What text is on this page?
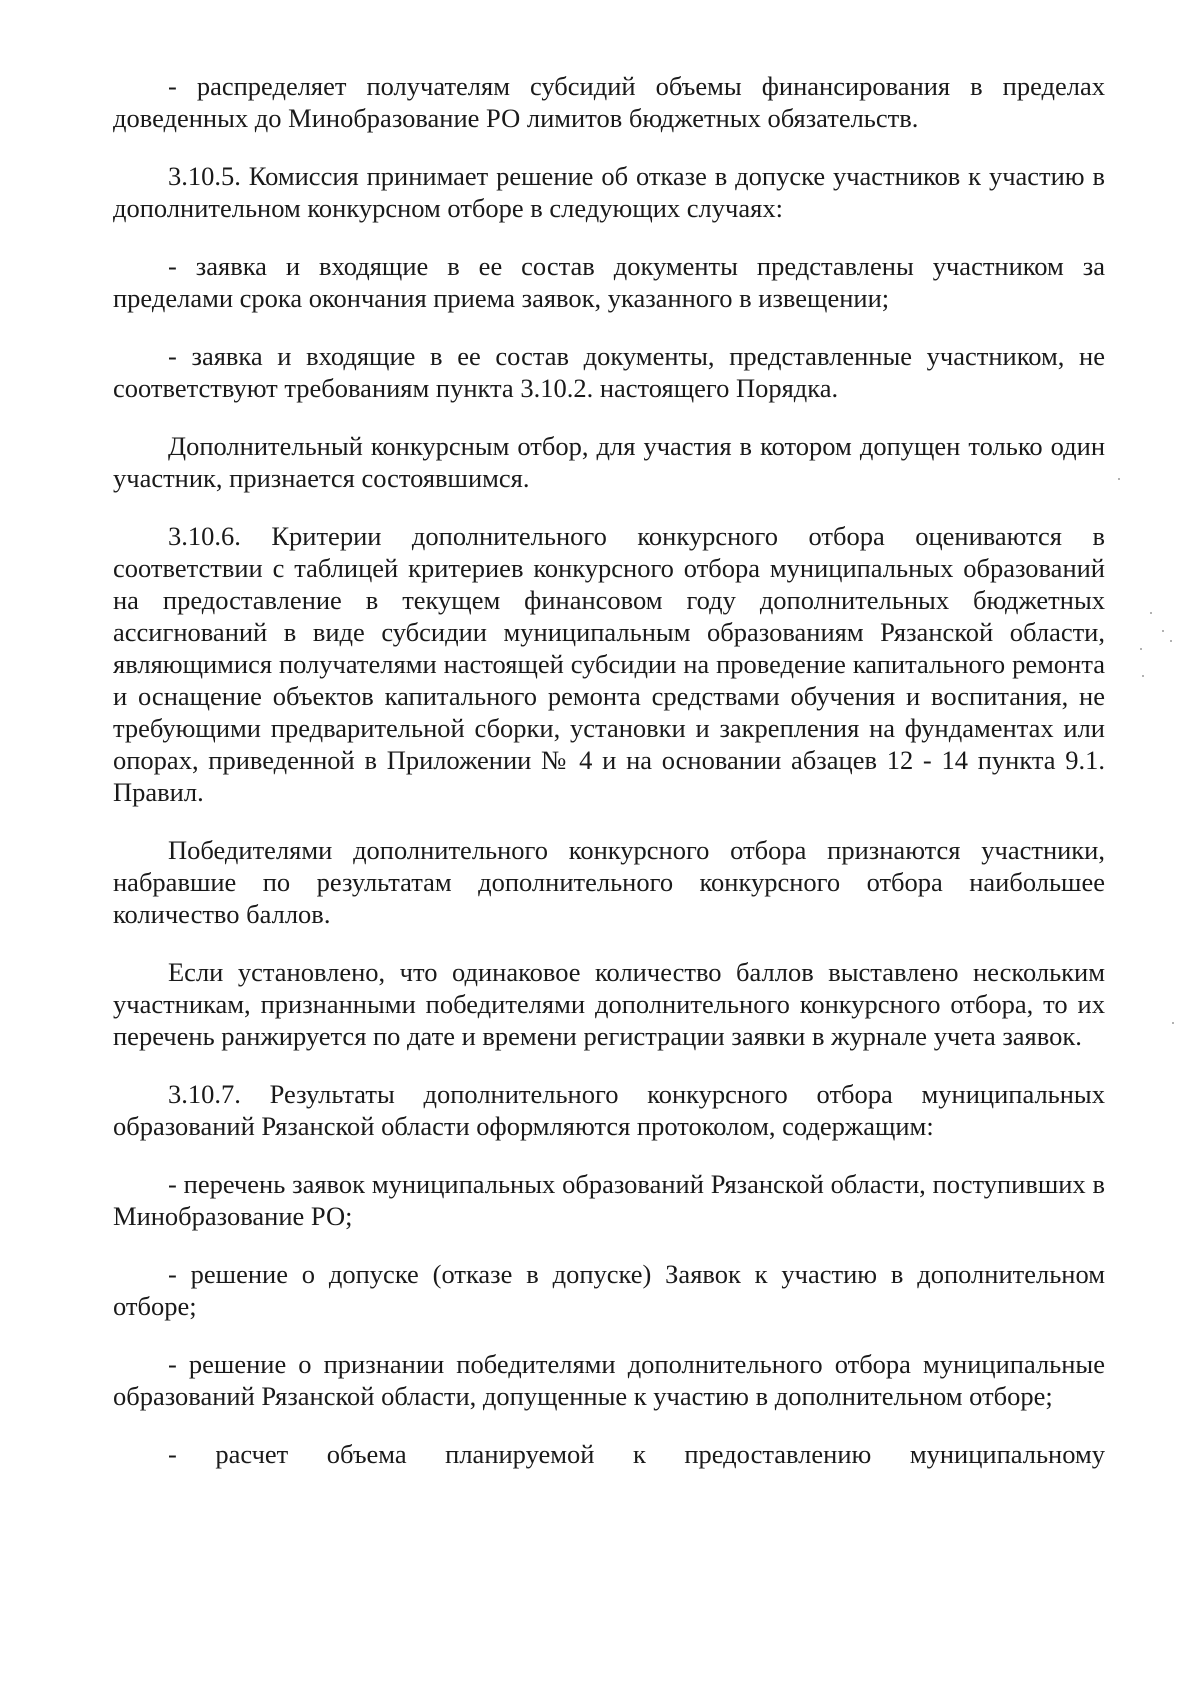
- распределяет получателям субсидий объемы финансирования в пределах доведенных до Минобразование РО лимитов бюджетных обязательств.

3.10.5. Комиссия принимает решение об отказе в допуске участников к участию в дополнительном конкурсном отборе в следующих случаях:

- заявка и входящие в ее состав документы представлены участником за пределами срока окончания приема заявок, указанного в извещении;

- заявка и входящие в ее состав документы, представленные участником, не соответствуют требованиям пункта 3.10.2. настоящего Порядка.

Дополнительный конкурсным отбор, для участия в котором допущен только один участник, признается состоявшимся.

3.10.6. Критерии дополнительного конкурсного отбора оцениваются в соответствии с таблицей критериев конкурсного отбора муниципальных образований на предоставление в текущем финансовом году дополнительных бюджетных ассигнований в виде субсидии муниципальным образованиям Рязанской области, являющимися получателями настоящей субсидии на проведение капитального ремонта и оснащение объектов капитального ремонта средствами обучения и воспитания, не требующими предварительной сборки, установки и закрепления на фундаментах или опорах, приведенной в Приложении № 4 и на основании абзацев 12 - 14 пункта 9.1. Правил.

Победителями дополнительного конкурсного отбора признаются участники, набравшие по результатам дополнительного конкурсного отбора наибольшее количество баллов.

Если установлено, что одинаковое количество баллов выставлено нескольким участникам, признанными победителями дополнительного конкурсного отбора, то их перечень ранжируется по дате и времени регистрации заявки в журнале учета заявок.

3.10.7. Результаты дополнительного конкурсного отбора муниципальных образований Рязанской области оформляются протоколом, содержащим:

- перечень заявок муниципальных образований Рязанской области, поступивших в Минобразование РО;

- решение о допуске (отказе в допуске) Заявок к участию в дополнительном отборе;

- решение о признании победителями дополнительного отбора муниципальные образований Рязанской области, допущенные к участию в дополнительном отборе;

- расчет объема планируемой к предоставлению муниципальному
